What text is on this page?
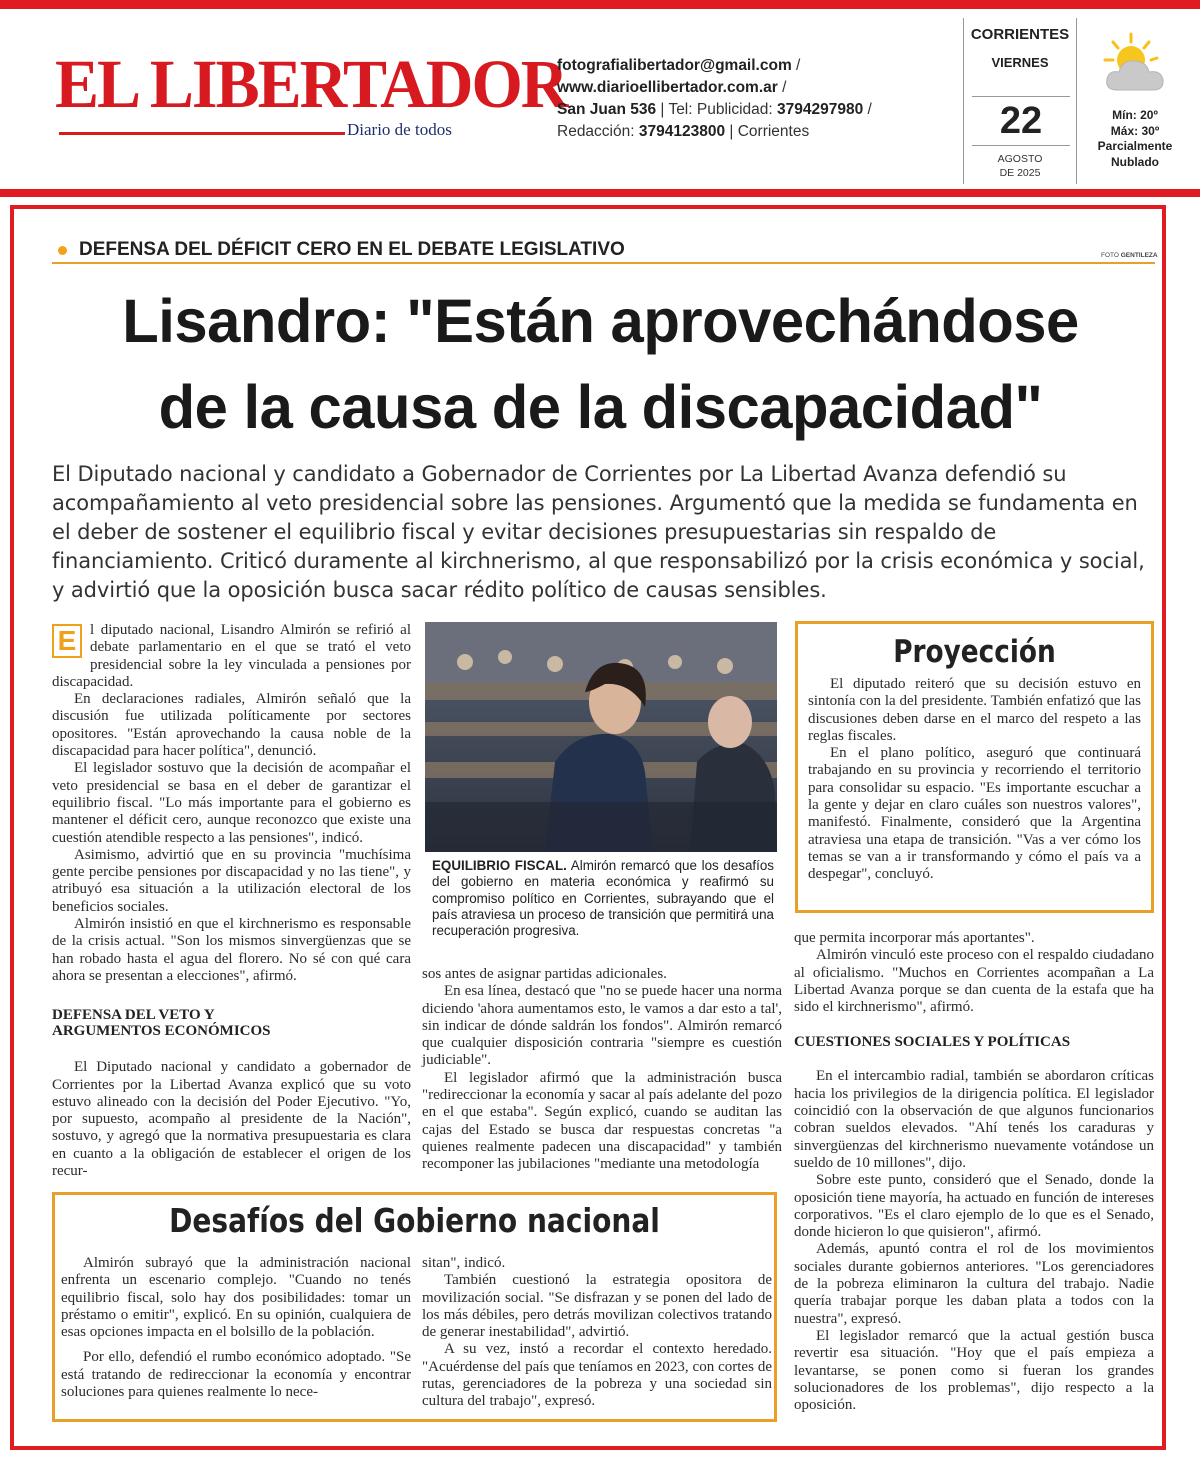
EL LIBERTADOR
Diario de todos
fotografialibertador@gmail.com /
www.diarioellibertador.com.ar /
San Juan 536 | Tel: Publicidad: 3794297980 /
Redacción: 3794123800 | Corrientes
CORRIENTES
VIERNES
22
AGOSTO
DE 2025
Mín: 20º
Máx: 30º
Parcialmente
Nublado
DEFENSA DEL DÉFICIT CERO EN EL DEBATE LEGISLATIVO	FOTO GENTILEZA
Lisandro: "Están aprovechándose
de la causa de la discapacidad"

El Diputado nacional y candidato a Gobernador de Corrientes por La Libertad Avanza defendió su acompañamiento al veto presidencial sobre las pensiones. Argumentó que la medida se fundamenta en el deber de sostener el equilibrio fiscal y evitar decisiones presupuestarias sin respaldo de financiamiento. Criticó duramente al kirchnerismo, al que responsabilizó por la crisis económica y social, y advirtió que la oposición busca sacar rédito político de causas sensibles.

E l diputado nacional, Lisandro Almirón se refirió al debate parlamentario en el que se trató el veto presidencial sobre la ley vinculada a pensiones por discapacidad.

En declaraciones radiales, Almirón señaló que la discusión fue utilizada políticamente por sectores opositores. "Están aprovechando la causa noble de la discapacidad para hacer política", denunció.

El legislador sostuvo que la decisión de acompañar el veto presidencial se basa en el deber de garantizar el equilibrio fiscal. "Lo más importante para el gobierno es mantener el déficit cero, aunque reconozco que existe una cuestión atendible respecto a las pensiones", indicó.

Asimismo, advirtió que en su provincia "muchísima gente percibe pensiones por discapacidad y no las tiene", y atribuyó esa situación a la utilización electoral de los beneficios sociales.

Almirón insistió en que el kirchnerismo es responsable de la crisis actual. "Son los mismos sinvergüenzas que se han robado hasta el agua del florero. No sé con qué cara ahora se presentan a elecciones", afirmó.

DEFENSA DEL VETO Y
ARGUMENTOS ECONÓMICOS

El Diputado nacional y candidato a gobernador de Corrientes por la Libertad Avanza explicó que su voto estuvo alineado con la decisión del Poder Ejecutivo. "Yo, por supuesto, acompaño al presidente de la Nación", sostuvo, y agregó que la normativa presupuestaria es clara en cuanto a la obligación de establecer el origen de los recur-

EQUILIBRIO FISCAL. Almirón remarcó que los desafíos del gobierno en materia económica y reafirmó su compromiso político en Corrientes, subrayando que el país atraviesa un proceso de transición que permitirá una recuperación progresiva.

sos antes de asignar partidas adicionales.

En esa línea, destacó que "no se puede hacer una norma diciendo 'ahora aumentamos esto, le vamos a dar esto a tal', sin indicar de dónde saldrán los fondos". Almirón remarcó que cualquier disposición contraria "siempre es cuestión judiciable".

El legislador afirmó que la administración busca "redireccionar la economía y sacar al país adelante del pozo en el que estaba". Según explicó, cuando se auditan las cajas del Estado se busca dar respuestas concretas "a quienes realmente padecen una discapacidad" y también recomponer las jubilaciones "mediante una metodología

Proyección

El diputado reiteró que su decisión estuvo en sintonía con la del presidente. También enfatizó que las discusiones deben darse en el marco del respeto a las reglas fiscales.

En el plano político, aseguró que continuará trabajando en su provincia y recorriendo el territorio para consolidar su espacio. "Es importante escuchar a la gente y dejar en claro cuáles son nuestros valores", manifestó. Finalmente, consideró que la Argentina atraviesa una etapa de transición. "Vas a ver cómo los temas se van a ir transformando y cómo el país va a despegar", concluyó.

que permita incorporar más aportantes".

Almirón vinculó este proceso con el respaldo ciudadano al oficialismo. "Muchos en Corrientes acompañan a La Libertad Avanza porque se dan cuenta de la estafa que ha sido el kirchnerismo", afirmó.

CUESTIONES SOCIALES Y POLÍTICAS

En el intercambio radial, también se abordaron críticas hacia los privilegios de la dirigencia política. El legislador coincidió con la observación de que algunos funcionarios cobran sueldos elevados. "Ahí tenés los caraduras y sinvergüenzas del kirchnerismo nuevamente votándose un sueldo de 10 millones", dijo.

Sobre este punto, consideró que el Senado, donde la oposición tiene mayoría, ha actuado en función de intereses corporativos. "Es el claro ejemplo de lo que es el Senado, donde hicieron lo que quisieron", afirmó.

Además, apuntó contra el rol de los movimientos sociales durante gobiernos anteriores. "Los gerenciadores de la pobreza eliminaron la cultura del trabajo. Nadie quería trabajar porque les daban plata a todos con la nuestra", expresó.

El legislador remarcó que la actual gestión busca revertir esa situación. "Hoy que el país empieza a levantarse, se ponen como si fueran los grandes solucionadores de los problemas", dijo respecto a la oposición.

Desafíos del Gobierno nacional

Almirón subrayó que la administración nacional enfrenta un escenario complejo. "Cuando no tenés equilibrio fiscal, solo hay dos posibilidades: tomar un préstamo o emitir", explicó. En su opinión, cualquiera de esas opciones impacta en el bolsillo de la población.

Por ello, defendió el rumbo económico adoptado. "Se está tratando de redireccionar la economía y encontrar soluciones para quienes realmente lo nece-

sitan", indicó.

También cuestionó la estrategia opositora de movilización social. "Se disfrazan y se ponen del lado de los más débiles, pero detrás movilizan colectivos tratando de generar inestabilidad", advirtió.

A su vez, instó a recordar el contexto heredado. "Acuérdense del país que teníamos en 2023, con cortes de rutas, gerenciadores de la pobreza y una sociedad sin cultura del trabajo", expresó.
